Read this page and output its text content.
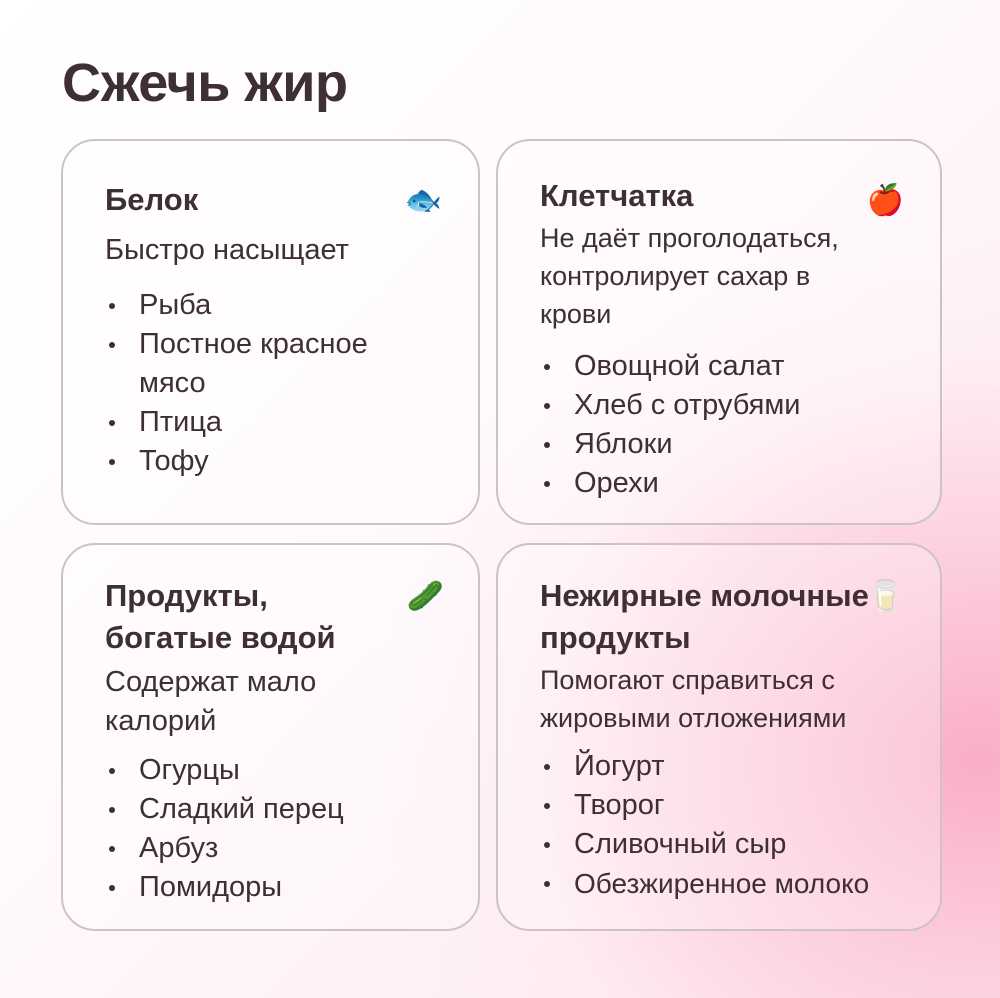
Сжечь жир
Белок	🐟
Быстро насыщает
Рыба
Постное красное мясо
Птица
Тофу
Клетчатка	🍎
Не даёт проголодаться, контролирует сахар в крови
Овощной салат
Хлеб с отрубями
Яблоки
Орехи
Продукты, богатые водой
🥒
Содержат мало калорий
Огурцы
Сладкий перец
Арбуз
Помидоры
Нежирные молочные продукты
🥛
Помогают справиться с жировыми отложениями
Йогурт
Творог
Сливочный сыр
Обезжиренное молоко
